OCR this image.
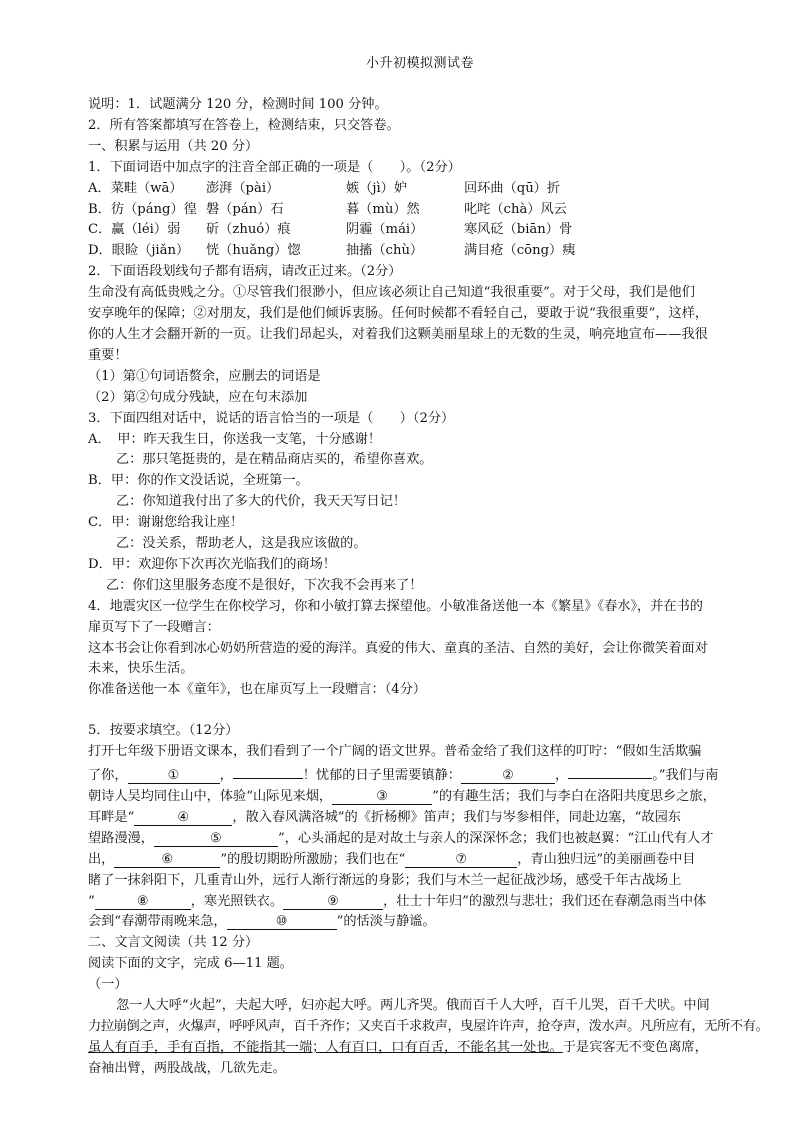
小升初模拟测试卷
说明：1．试题满分 120 分，检测时间 100 分钟。
2．所有答案都填写在答卷上，检测结束，只交答卷。
一、积累与运用（共 20 分）
1．下面词语中加点字的注音全部正确的一项是（　　）。（2分）
A．菜畦（wā）	澎湃（pài）	嫉（jì）妒	回环曲（qū）折
B．彷（páng）徨 磐（pán）石	暮（mù）然	叱咤（chà）风云
C．赢（léi）弱	斫（zhuó）痕	阴霾（mái）	寒风砭（biān）骨
D．眼睑（jiǎn）	恍（huǎng）惚	抽搐（chù）	满目疮（cōng）痍
2．下面语段划线句子都有语病，请改正过来。（2分）
生命没有高低贵贱之分。①尽管我们很渺小，但应该必须让自己知道“我很重要”。对于父母，我们是他们
安享晚年的保障；②对朋友，我们是他们倾诉衷肠。任何时候都不看轻自己，要敢于说“我很重要”，这样，
你的人生才会翻开新的一页。让我们昂起头，对着我们这颗美丽星球上的无数的生灵，响亮地宣布——我很
重要！
（1）第①句词语赘余，应删去的词语是
（2）第②句成分残缺，应在句末添加
3．下面四组对话中，说话的语言恰当的一项是（　　）（2分）
A．　甲：昨天我生日，你送我一支笔，十分感谢！
乙：那只笔挺贵的，是在精品商店买的，希望你喜欢。
B．甲：你的作文没话说，全班第一。
乙：你知道我付出了多大的代价，我天天写日记！
C．甲：谢谢您给我让座！
乙：没关系，帮助老人，这是我应该做的。
D．甲：欢迎你下次再次光临我们的商场！
乙：你们这里服务态度不是很好，下次我不会再来了！
4．地震灾区一位学生在你校学习，你和小敏打算去探望他。小敏准备送他一本《繁星》《春水》，并在书的
扉页写下了一段赠言：
这本书会让你看到冰心奶奶所营造的爱的海洋。真爱的伟大、童真的圣洁、自然的美好，会让你微笑着面对
未来，快乐生活。
你准备送他一本《童年》，也在扉页写上一段赠言：（4分）
5．按要求填空。（12分）
打开七年级下册语文课本，我们看到了一个广阔的语文世界。普希金给了我们这样的叮咛：“假如生活欺骗
了你，	①	，	！忧郁的日子里需要镇静：	②	，	。”我们与南
朝诗人吴均同住山中，体验“山际见来烟，	③	”的有趣生活；我们与李白在洛阳共度思乡之旅，
耳畔是“	④	，散入春风满洛城”的《折杨柳》笛声；我们与岑参相伴，同赴边塞，“故园东
望路漫漫，	⑤	”，心头涌起的是对故土与亲人的深深怀念；我们也被赵翼：“江山代有人才
出，	⑥	”的殷切期盼所激励；我们也在“	⑦	，青山独归远”的美丽画卷中目
睹了一抹斜阳下，几重青山外，远行人渐行渐远的身影；我们与木兰一起征战沙场，感受千年古战场上
“	⑧	，寒光照铁衣。	⑨	，壮士十年归”的激烈与悲壮；我们还在春潮急雨当中体
会到“春潮带雨晚来急，	⑩	”的恬淡与静谧。
二、文言文阅读（共 12 分）
阅读下面的文字，完成 6—11 题。
（一）
忽一人大呼“火起”，夫起大呼，妇亦起大呼。两儿齐哭。俄而百千人大呼，百千儿哭，百千犬吠。中间
力拉崩倒之声，火爆声，呼呼风声，百千齐作；又夹百千求救声，曳屋许许声，抢夺声，泼水声。凡所应有，无所不有。
虽人有百手，手有百指，不能指其一端；人有百口，口有百舌，不能名其一处也。于是宾客无不变色离席，
奋袖出臂，两股战战，几欲先走。
